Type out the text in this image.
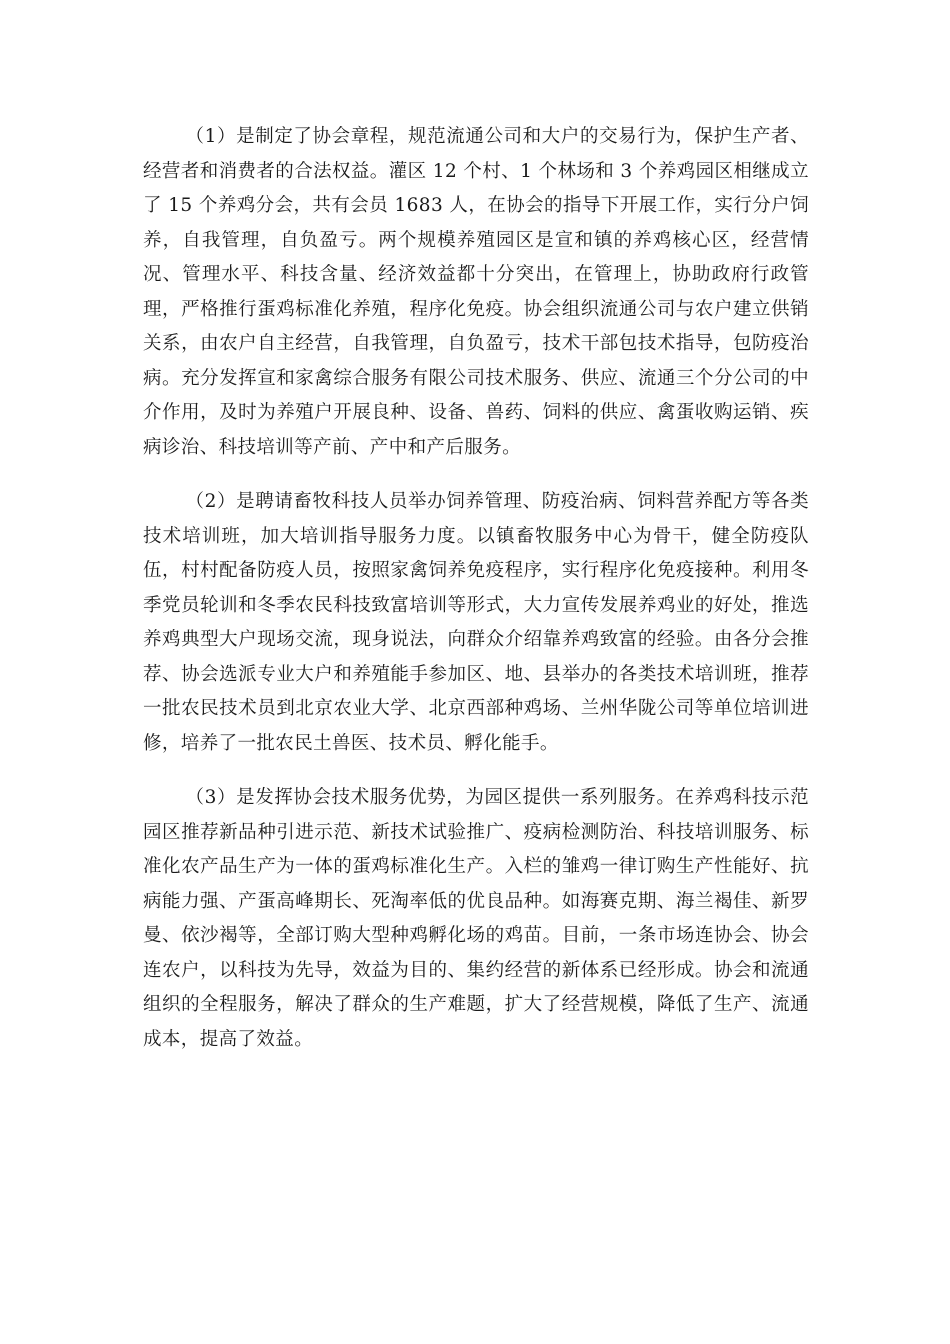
（1）是制定了协会章程，规范流通公司和大户的交易行为，保护生产者、经营者和消费者的合法权益。灌区 12 个村、1 个林场和 3 个养鸡园区相继成立了 15 个养鸡分会，共有会员 1683 人，在协会的指导下开展工作，实行分户饲养，自我管理，自负盈亏。两个规模养殖园区是宣和镇的养鸡核心区，经营情况、管理水平、科技含量、经济效益都十分突出，在管理上，协助政府行政管理，严格推行蛋鸡标准化养殖，程序化免疫。协会组织流通公司与农户建立供销关系，由农户自主经营，自我管理，自负盈亏，技术干部包技术指导，包防疫治病。充分发挥宣和家禽综合服务有限公司技术服务、供应、流通三个分公司的中介作用，及时为养殖户开展良种、设备、兽药、饲料的供应、禽蛋收购运销、疾病诊治、科技培训等产前、产中和产后服务。

（2）是聘请畜牧科技人员举办饲养管理、防疫治病、饲料营养配方等各类技术培训班，加大培训指导服务力度。以镇畜牧服务中心为骨干，健全防疫队伍，村村配备防疫人员，按照家禽饲养免疫程序，实行程序化免疫接种。利用冬季党员轮训和冬季农民科技致富培训等形式，大力宣传发展养鸡业的好处，推选养鸡典型大户现场交流，现身说法，向群众介绍靠养鸡致富的经验。由各分会推荐、协会选派专业大户和养殖能手参加区、地、县举办的各类技术培训班，推荐一批农民技术员到北京农业大学、北京西部种鸡场、兰州华陇公司等单位培训进修，培养了一批农民土兽医、技术员、孵化能手。

（3）是发挥协会技术服务优势，为园区提供一系列服务。在养鸡科技示范园区推荐新品种引进示范、新技术试验推广、疫病检测防治、科技培训服务、标准化农产品生产为一体的蛋鸡标准化生产。入栏的雏鸡一律订购生产性能好、抗病能力强、产蛋高峰期长、死淘率低的优良品种。如海赛克期、海兰褐佳、新罗曼、依沙褐等，全部订购大型种鸡孵化场的鸡苗。目前，一条市场连协会、协会连农户，以科技为先导，效益为目的、集约经营的新体系已经形成。协会和流通组织的全程服务，解决了群众的生产难题，扩大了经营规模，降低了生产、流通成本，提高了效益。
